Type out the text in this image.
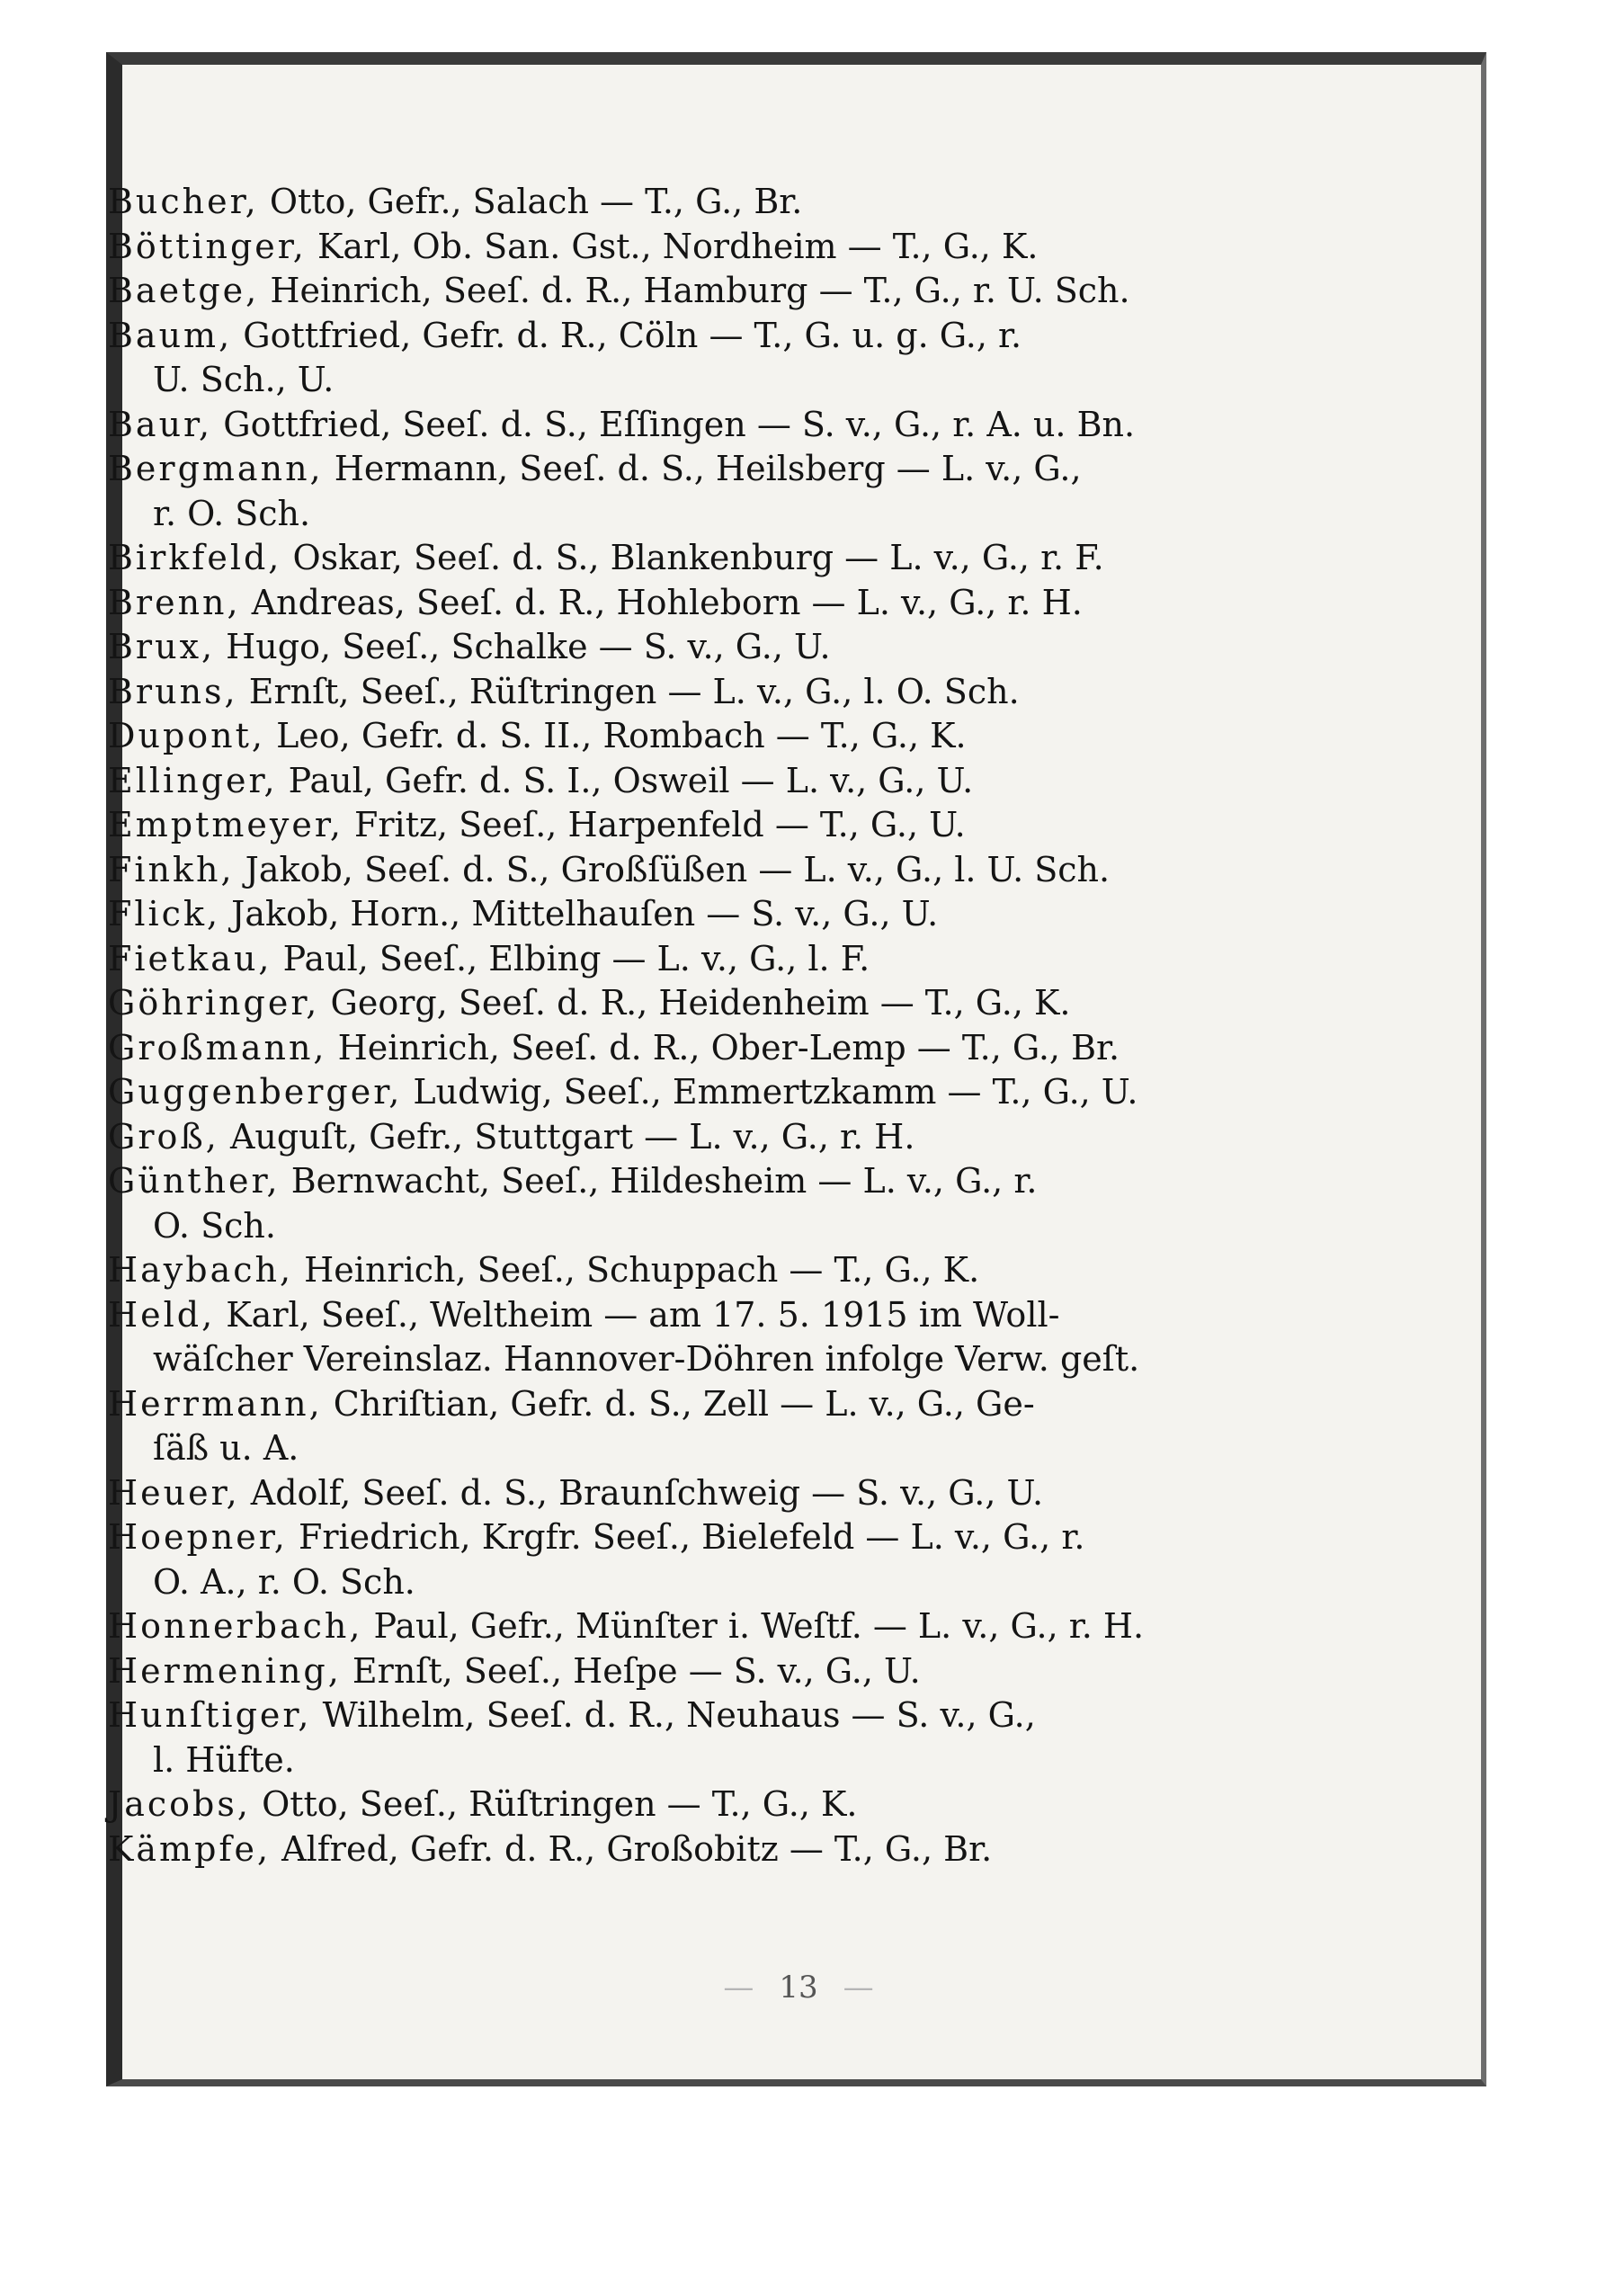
Bucher, Otto, Gefr., Salach — T., G., Br.
Böttinger, Karl, Ob. San. Gst., Nordheim — T., G., K.
Baetge, Heinrich, Seeſ. d. R., Hamburg — T., G., r. U. Sch.
Baum, Gottfried, Gefr. d. R., Cöln — T., G. u. g. G., r.
U. Sch., U.
Baur, Gottfried, Seeſ. d. S., Eſſingen — S. v., G., r. A. u. Bn.
Bergmann, Hermann, Seeſ. d. S., Heilsberg — L. v., G.,
r. O. Sch.
Birkfeld, Oskar, Seeſ. d. S., Blankenburg — L. v., G., r. F.
Brenn, Andreas, Seeſ. d. R., Hohleborn — L. v., G., r. H.
Brux, Hugo, Seeſ., Schalke — S. v., G., U.
Bruns, Ernſt, Seeſ., Rüſtringen — L. v., G., l. O. Sch.
Dupont, Leo, Gefr. d. S. II., Rombach — T., G., K.
Ellinger, Paul, Gefr. d. S. I., Osweil — L. v., G., U.
Emptmeyer, Fritz, Seeſ., Harpenfeld — T., G., U.
Finkh, Jakob, Seeſ. d. S., Großſüßen — L. v., G., l. U. Sch.
Flick, Jakob, Horn., Mittelhauſen — S. v., G., U.
Fietkau, Paul, Seeſ., Elbing — L. v., G., l. F.
Göhringer, Georg, Seeſ. d. R., Heidenheim — T., G., K.
Großmann, Heinrich, Seeſ. d. R., Ober-Lemp — T., G., Br.
Guggenberger, Ludwig, Seeſ., Emmertzkamm — T., G., U.
Groß, Auguſt, Gefr., Stuttgart — L. v., G., r. H.
Günther, Bernwacht, Seeſ., Hildesheim — L. v., G., r.
O. Sch.
Haybach, Heinrich, Seeſ., Schuppach — T., G., K.
Held, Karl, Seeſ., Weltheim — am 17. 5. 1915 im Woll-
wäſcher Vereinslaz. Hannover-Döhren infolge Verw. geſt.
Herrmann, Chriſtian, Gefr. d. S., Zell — L. v., G., Ge-
ſäß u. A.
Heuer, Adolf, Seeſ. d. S., Braunſchweig — S. v., G., U.
Hoepner, Friedrich, Krgfr. Seeſ., Bielefeld — L. v., G., r.
O. A., r. O. Sch.
Honnerbach, Paul, Gefr., Münſter i. Weſtf. — L. v., G., r. H.
Hermening, Ernſt, Seeſ., Heſpe — S. v., G., U.
Hunſtiger, Wilhelm, Seeſ. d. R., Neuhaus — S. v., G.,
l. Hüfte.
Jacobs, Otto, Seeſ., Rüſtringen — T., G., K.
Kämpfe, Alfred, Gefr. d. R., Großobitz — T., G., Br.
— 13 —
